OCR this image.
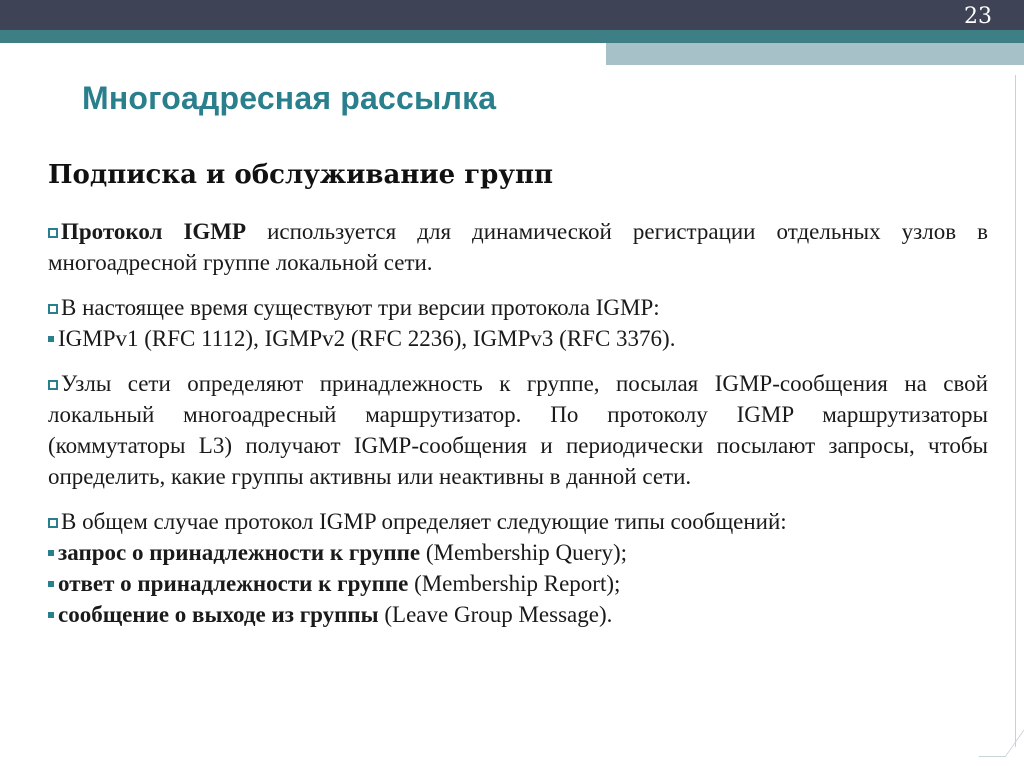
23
Многоадресная рассылка
Подписка и обслуживание групп

Протокол IGMP используется для динамической регистрации отдельных узлов в многоадресной группе локальной сети.

В настоящее время существуют три версии протокола IGMP:

IGMPv1 (RFC 1112), IGMPv2 (RFC 2236), IGMPv3 (RFC 3376).

Узлы сети определяют принадлежность к группе, посылая IGMP-сообщения на свой локальный многоадресный маршрутизатор. По протоколу IGMP маршрутизаторы (коммутаторы L3) получают IGMP-сообщения и периодически посылают запросы, чтобы определить, какие группы активны или неактивны в данной сети.

В общем случае протокол IGMP определяет следующие типы сообщений:

запрос о принадлежности к группе (Membership Query);

ответ о принадлежности к группе (Membership Report);

сообщение о выходе из группы (Leave Group Message).
